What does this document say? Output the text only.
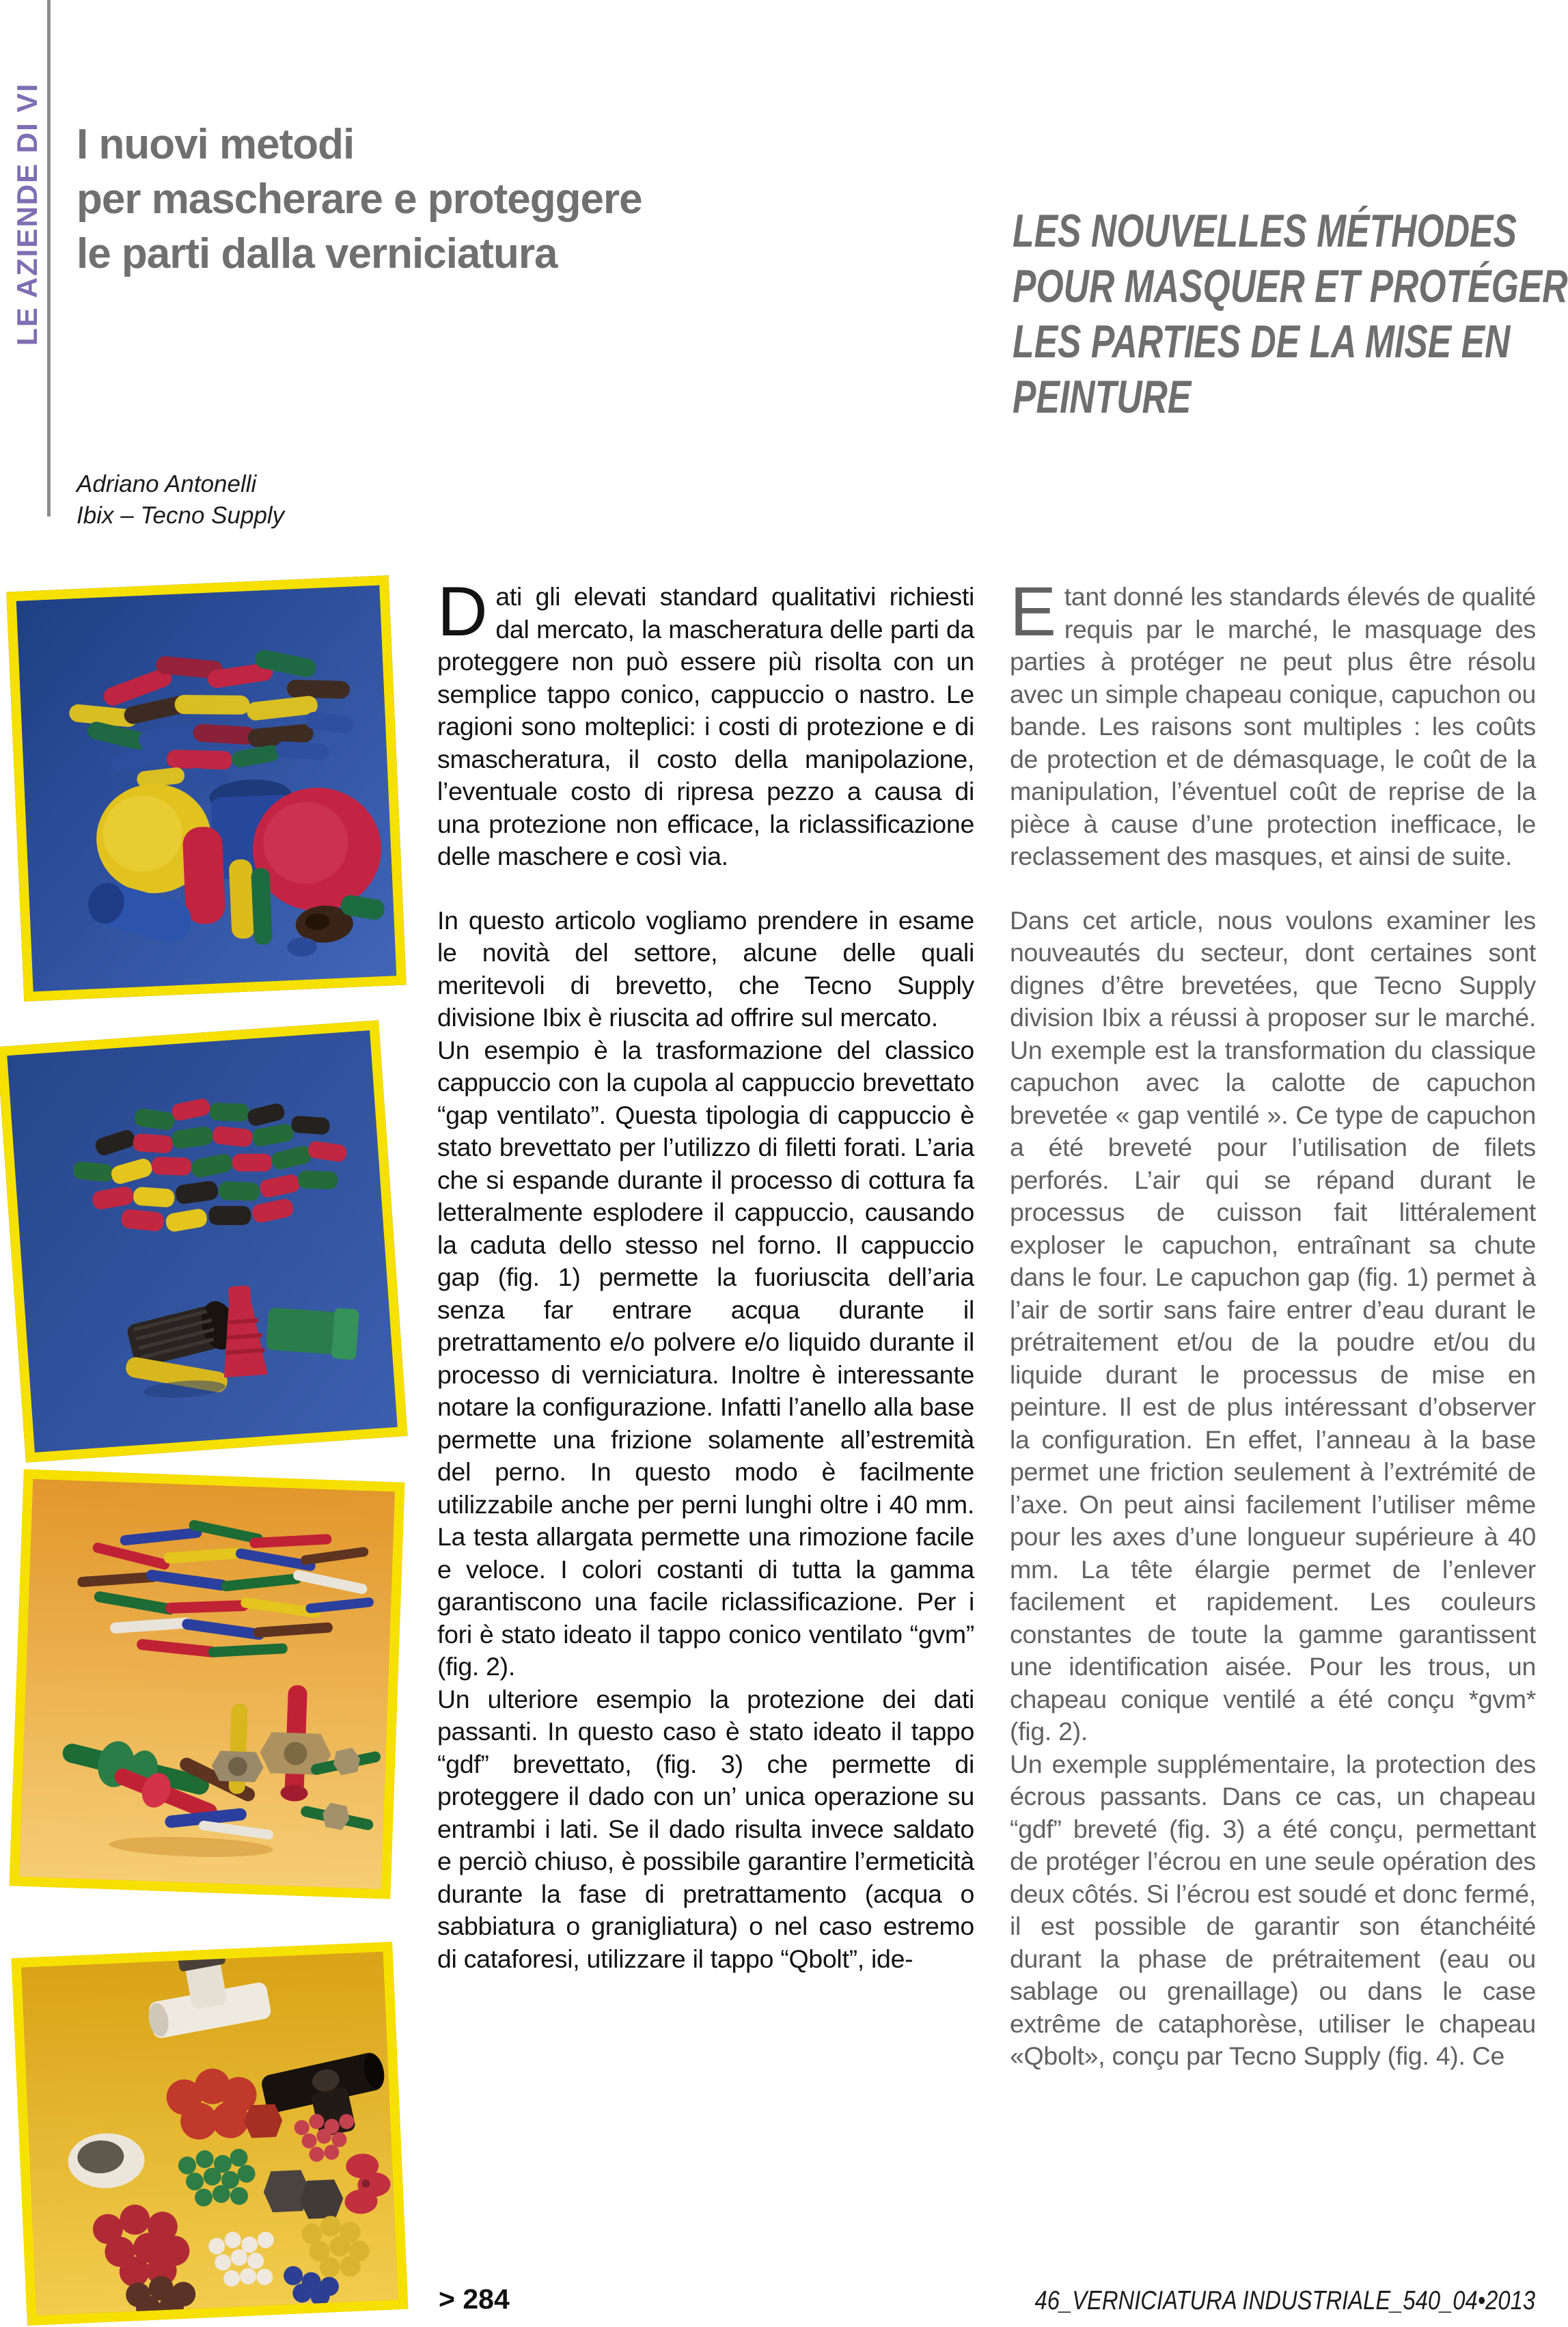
LE AZIENDE DI VI I nuovi metodi
per mascherare e proteggere
le parti dalla verniciatura	LES NOUVELLES MÉTHODES
POUR MASQUER ET PROTÉGER
LES PARTIES DE LA MISE EN
PEINTURE
Adriano Antonelli
Ibix – Tecno Supply

Dati gli elevati standard qualitativi richiesti dal mercato, la mascheratura delle parti da proteggere non può essere più risolta con un semplice tappo conico, cappuccio o nastro. Le ragioni sono molteplici: i costi di protezione e di smascheratura, il costo della manipolazione, l’eventuale costo di ripresa pezzo a causa di una protezione non efficace, la riclassificazione delle maschere e così via.

In questo articolo vogliamo prendere in esame le novità del settore, alcune delle quali meritevoli di brevetto, che Tecno Supply divisione Ibix è riuscita ad offrire sul mercato.

Un esempio è la trasformazione del classico cappuccio con la cupola al cappuccio brevettato “gap ventilato”. Questa tipologia di cappuccio è stato brevettato per l’utilizzo di filetti forati. L’aria che si espande durante il processo di cottura fa letteralmente esplodere il cappuccio, causando la caduta dello stesso nel forno. Il cappuccio gap (fig. 1) permette la fuoriuscita dell’aria senza far entrare acqua durante il pretrattamento e/o polvere e/o liquido durante il processo di verniciatura. Inoltre è interessante notare la configurazione. Infatti l’anello alla base permette una frizione solamente all’estremità del perno. In questo modo è facilmente utilizzabile anche per perni lunghi oltre i 40 mm. La testa allargata permette una rimozione facile e veloce. I colori costanti di tutta la gamma garantiscono una facile riclassificazione. Per i fori è stato ideato il tappo conico ventilato “gvm” (fig. 2).

Un ulteriore esempio la protezione dei dati passanti. In questo caso è stato ideato il tappo “gdf” brevettato, (fig. 3) che permette di proteggere il dado con un’ unica operazione su entrambi i lati. Se il dado risulta invece saldato e perciò chiuso, è possibile garantire l’ermeticità durante la fase di pretrattamento (acqua o sabbiatura o granigliatura) o nel caso estremo di cataforesi, utilizzare il tappo “Qbolt”, ide-

Etant donné les standards élevés de qualité requis par le marché, le masquage des parties à protéger ne peut plus être résolu avec un simple chapeau conique, capuchon ou bande. Les raisons sont multiples : les coûts de protection et de démasquage, le coût de la manipulation, l’éventuel coût de reprise de la pièce à cause d’une protection inefficace, le reclassement des masques, et ainsi de suite.

Dans cet article, nous voulons examiner les nouveautés du secteur, dont certaines sont dignes d’être brevetées, que Tecno Supply division Ibix a réussi à proposer sur le marché. Un exemple est la transformation du classique capuchon avec la calotte de capuchon brevetée « gap ventilé ». Ce type de capuchon a été breveté pour l’utilisation de filets perforés. L’air qui se répand durant le processus de cuisson fait littéralement exploser le capuchon, entraînant sa chute dans le four. Le capuchon gap (fig. 1) permet à l’air de sortir sans faire entrer d’eau durant le prétraitement et/ou de la poudre et/ou du liquide durant le processus de mise en peinture. Il est de plus intéressant d’observer la configuration. En effet, l’anneau à la base permet une friction seulement à l’extrémité de l’axe. On peut ainsi facilement l’utiliser même pour les axes d’une longueur supérieure à 40 mm. La tête élargie permet de l’enlever facilement et rapidement. Les couleurs constantes de toute la gamme garantissent une identification aisée. Pour les trous, un chapeau conique ventilé a été conçu *gvm* (fig. 2).

Un exemple supplémentaire, la protection des écrous passants. Dans ce cas, un chapeau “gdf” breveté (fig. 3) a été conçu, permettant de protéger l’écrou en une seule opération des deux côtés. Si l’écrou est soudé et donc fermé, il est possible de garantir son étanchéité durant la phase de prétraitement (eau ou sablage ou grenaillage) ou dans le case extrême de cataphorèse, utiliser le chapeau «Qbolt», conçu par Tecno Supply (fig. 4). Ce

> 284	46_VERNICIATURA INDUSTRIALE_540_04•2013
